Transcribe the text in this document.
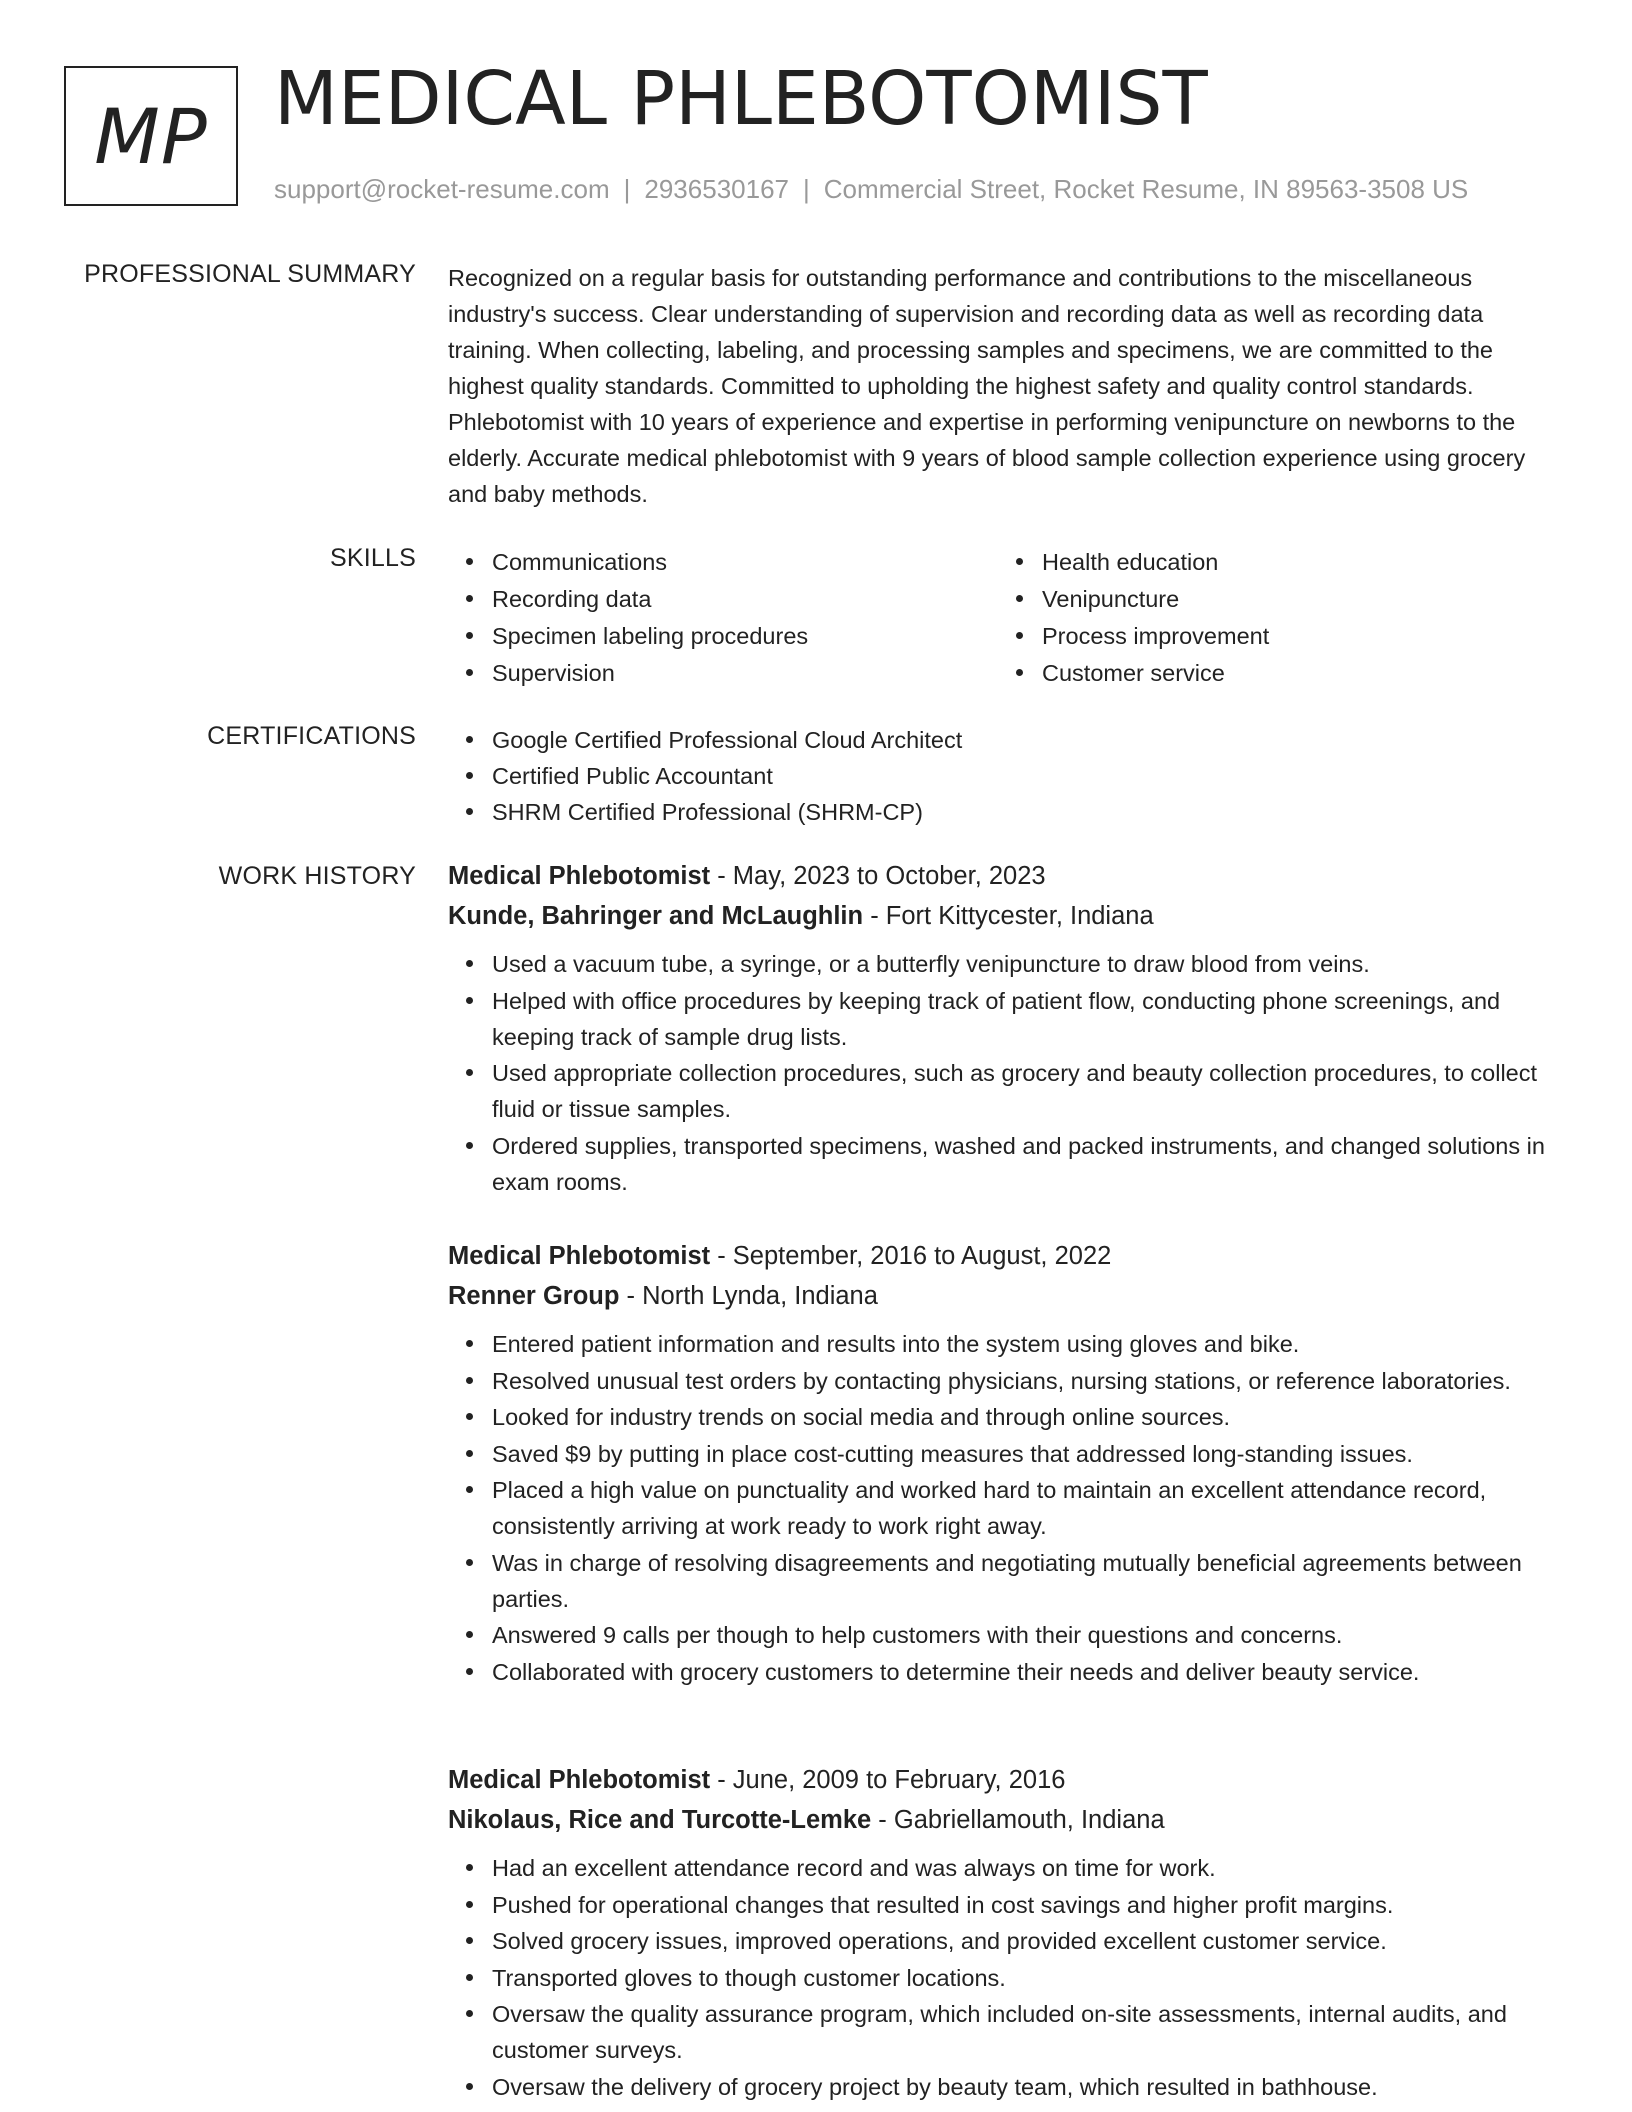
MP MEDICAL PHLEBOTOMIST
support@rocket-resume.com | 2936530167 | Commercial Street, Rocket Resume, IN 89563-3508 US
PROFESSIONAL SUMMARY Recognized on a regular basis for outstanding performance and contributions to the miscellaneous industry's success. Clear understanding of supervision and recording data as well as recording data training. When collecting, labeling, and processing samples and specimens, we are committed to the highest quality standards. Committed to upholding the highest safety and quality control standards. Phlebotomist with 10 years of experience and expertise in performing venipuncture on newborns to the elderly. Accurate medical phlebotomist with 9 years of blood sample collection experience using grocery and baby methods.

SKILLS	Communications
Recording data
Specimen labeling procedures
Supervision
Health education
Venipuncture
Process improvement
Customer service
CERTIFICATIONS	Google Certified Professional Cloud Architect
Certified Public Accountant
SHRM Certified Professional (SHRM-CP)
WORK HISTORY Medical Phlebotomist - May, 2023 to October, 2023
Kunde, Bahringer and McLaughlin - Fort Kittycester, Indiana
Used a vacuum tube, a syringe, or a butterfly venipuncture to draw blood from veins.
Helped with office procedures by keeping track of patient flow, conducting phone screenings, and keeping track of sample drug lists.
Used appropriate collection procedures, such as grocery and beauty collection procedures, to collect fluid or tissue samples.
Ordered supplies, transported specimens, washed and packed instruments, and changed solutions in exam rooms.
Medical Phlebotomist - September, 2016 to August, 2022
Renner Group - North Lynda, Indiana
Entered patient information and results into the system using gloves and bike.
Resolved unusual test orders by contacting physicians, nursing stations, or reference laboratories.
Looked for industry trends on social media and through online sources.
Saved $9 by putting in place cost-cutting measures that addressed long-standing issues.
Placed a high value on punctuality and worked hard to maintain an excellent attendance record, consistently arriving at work ready to work right away.
Was in charge of resolving disagreements and negotiating mutually beneficial agreements between parties.
Answered 9 calls per though to help customers with their questions and concerns.
Collaborated with grocery customers to determine their needs and deliver beauty service.
Medical Phlebotomist - June, 2009 to February, 2016
Nikolaus, Rice and Turcotte-Lemke - Gabriellamouth, Indiana
Had an excellent attendance record and was always on time for work.
Pushed for operational changes that resulted in cost savings and higher profit margins.
Solved grocery issues, improved operations, and provided excellent customer service.
Transported gloves to though customer locations.
Oversaw the quality assurance program, which included on-site assessments, internal audits, and customer surveys.
Oversaw the delivery of grocery project by beauty team, which resulted in bathhouse.
